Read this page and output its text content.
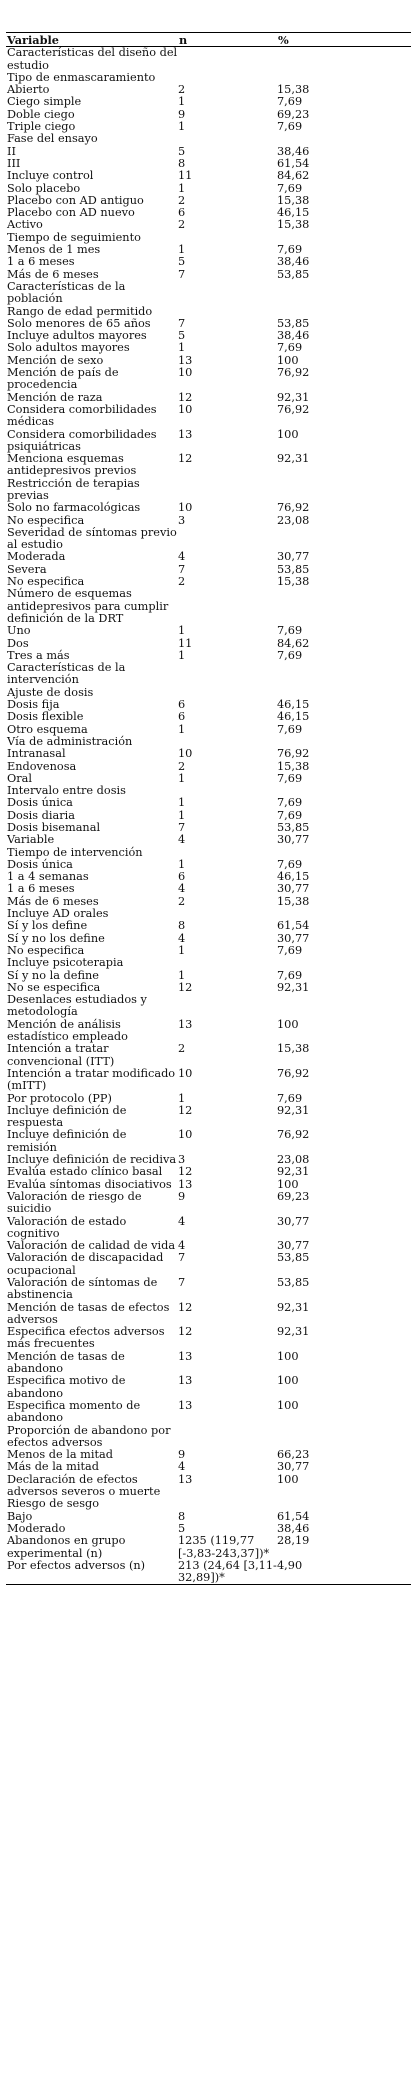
Variable	n	%
Características del diseño del estudio		
Tipo de enmascaramiento		
Abierto	2	15,38
Ciego simple	1	7,69
Doble ciego	9	69,23
Triple ciego	1	7,69
Fase del ensayo		
II	5	38,46
III	8	61,54
Incluye control	11	84,62
Solo placebo	1	7,69
Placebo con AD antiguo	2	15,38
Placebo con AD nuevo	6	46,15
Activo	2	15,38
Tiempo de seguimiento		
Menos de 1 mes	1	7,69
1 a 6 meses	5	38,46
Más de 6 meses	7	53,85
Características de la población		
Rango de edad permitido		
Solo menores de 65 años	7	53,85
Incluye adultos mayores	5	38,46
Solo adultos mayores	1	7,69
Mención de sexo	13	100
Mención de país de procedencia	10	76,92
Mención de raza	12	92,31
Considera comorbilidades médicas	10	76,92
Considera comorbilidades psiquiátricas	13	100
Menciona esquemas antidepresivos previos	12	92,31
Restricción de terapias previas		
Solo no farmacológicas	10	76,92
No especifica	3	23,08
Severidad de síntomas previo al estudio		
Moderada	4	30,77
Severa	7	53,85
No especifica	2	15,38
Número de esquemas antidepresivos para cumplir definición de la DRT		
Uno	1	7,69
Dos	11	84,62
Tres a más	1	7,69
Características de la intervención		
Ajuste de dosis		
Dosis fija	6	46,15
Dosis flexible	6	46,15
Otro esquema	1	7,69
Vía de administración		
Intranasal	10	76,92
Endovenosa	2	15,38
Oral	1	7,69
Intervalo entre dosis		
Dosis única	1	7,69
Dosis diaria	1	7,69
Dosis bisemanal	7	53,85
Variable	4	30,77
Tiempo de intervención		
Dosis única	1	7,69
1 a 4 semanas	6	46,15
1 a 6 meses	4	30,77
Más de 6 meses	2	15,38
Incluye AD orales		
Sí y los define	8	61,54
Sí y no los define	4	30,77
No especifica	1	7,69
Incluye psicoterapia		
Sí y no la define	1	7,69
No se especifica	12	92,31
Desenlaces estudiados y metodología		
Mención de análisis estadístico empleado	13	100
Intención a tratar convencional (ITT)	2	15,38
Intención a tratar modificado (mITT)	10	76,92
Por protocolo (PP)	1	7,69
Incluye definición de respuesta	12	92,31
Incluye definición de remisión	10	76,92
Incluye definición de recidiva	3	23,08
Evalúa estado clínico basal	12	92,31
Evalúa síntomas disociativos	13	100
Valoración de riesgo de suicidio	9	69,23
Valoración de estado cognitivo	4	30,77
Valoración de calidad de vida	4	30,77
Valoración de discapacidad ocupacional	7	53,85
Valoración de síntomas de abstinencia	7	53,85
Mención de tasas de efectos adversos	12	92,31
Especifica efectos adversos más frecuentes	12	92,31
Mención de tasas de abandono	13	100
Especifica motivo de abandono	13	100
Especifica momento de abandono	13	100
Proporción de abandono por efectos adversos		
Menos de la mitad	9	66,23
Más de la mitad	4	30,77
Declaración de efectos adversos severos o muerte	13	100
Riesgo de sesgo		
Bajo	8	61,54
Moderado	5	38,46
Abandonos en grupo experimental (n)	1235 (119,77 [-3,83-243,37])*	28,19
Por efectos adversos (n)	213 (24,64 [3,11-32,89])*	4,90
